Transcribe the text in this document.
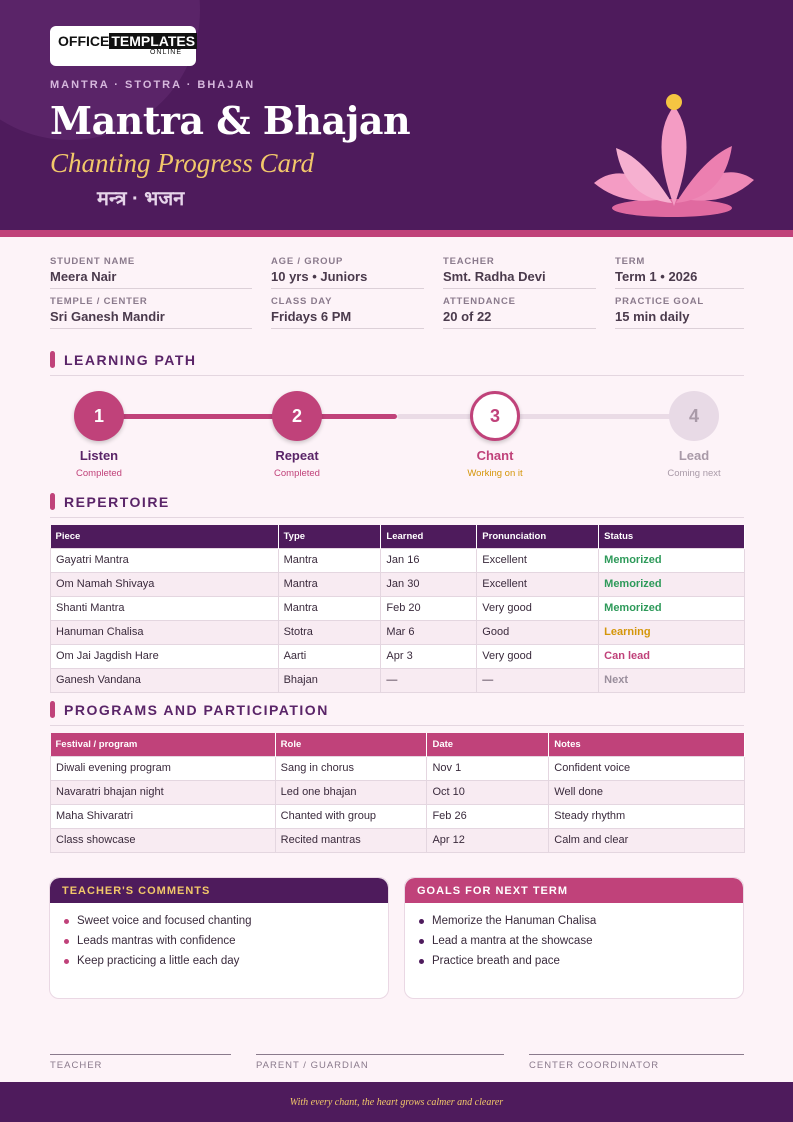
OFFICE TEMPLATES
ONLINE
MANTRA · STOTRA · BHAJAN
Mantra & Bhajan
Chanting Progress Card
मन्त्र · भजन
STUDENT NAME
Meera Nair
AGE / GROUP
10 yrs • Juniors
TEACHER
Smt. Radha Devi
TERM
Term 1 • 2026
TEMPLE / CENTER
Sri Ganesh Mandir
CLASS DAY
Fridays 6 PM
ATTENDANCE
20 of 22
PRACTICE GOAL
15 min daily
LEARNING PATH
1	2	3	4
Listen	Repeat	Chant	Lead
Completed	Completed	Working on it	Coming next
REPERTOIRE
Piece	Type	Learned	Pronunciation	Status
Gayatri Mantra	Mantra	Jan 16	Excellent	Memorized
Om Namah Shivaya	Mantra	Jan 30	Excellent	Memorized
Shanti Mantra	Mantra	Feb 20	Very good	Memorized
Hanuman Chalisa	Stotra	Mar 6	Good	Learning
Om Jai Jagdish Hare	Aarti	Apr 3	Very good	Can lead
Ganesh Vandana	Bhajan	—	—	Next
PROGRAMS AND PARTICIPATION
Festival / program	Role	Date	Notes
Diwali evening program	Sang in chorus	Nov 1	Confident voice
Navaratri bhajan night	Led one bhajan	Oct 10	Well done
Maha Shivaratri	Chanted with group	Feb 26	Steady rhythm
Class showcase	Recited mantras	Apr 12	Calm and clear
TEACHER'S COMMENTS
Sweet voice and focused chanting
Leads mantras with confidence
Keep practicing a little each day
GOALS FOR NEXT TERM
Memorize the Hanuman Chalisa
Lead a mantra at the showcase
Practice breath and pace
TEACHER	PARENT / GUARDIAN	CENTER COORDINATOR
With every chant, the heart grows calmer and clearer
